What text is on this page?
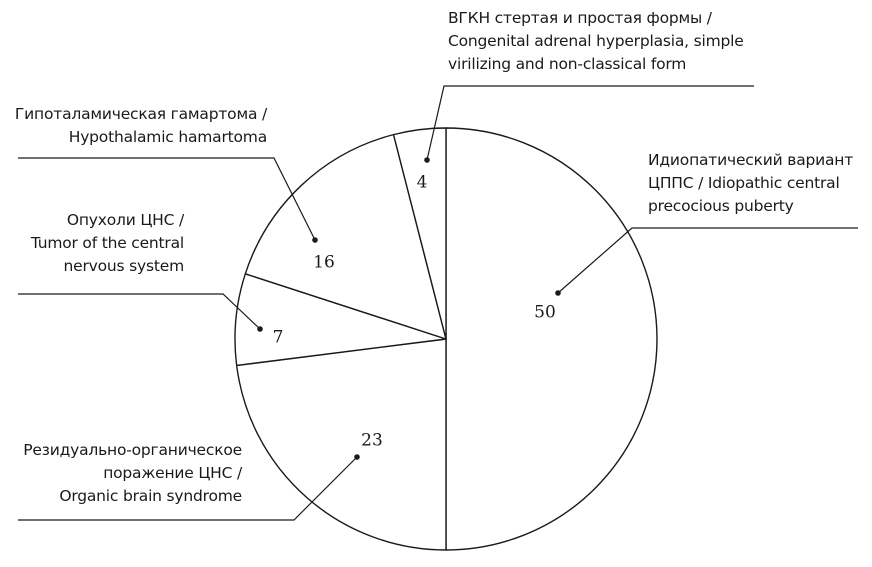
50
Идиопатический вариант ЦППС / Idiopathic central precocious puberty
23
Резидуально-органическое поражение ЦНС / Organic brain syndrome
7
Опухоли ЦНС / Tumor of the central nervous system	16
Гипоталамическая гамартома / Hypothalamic hamartoma
4
ВГКН стертая и простая формы / Congenital adrenal hyperplasia, simple virilizing and non-classical form
